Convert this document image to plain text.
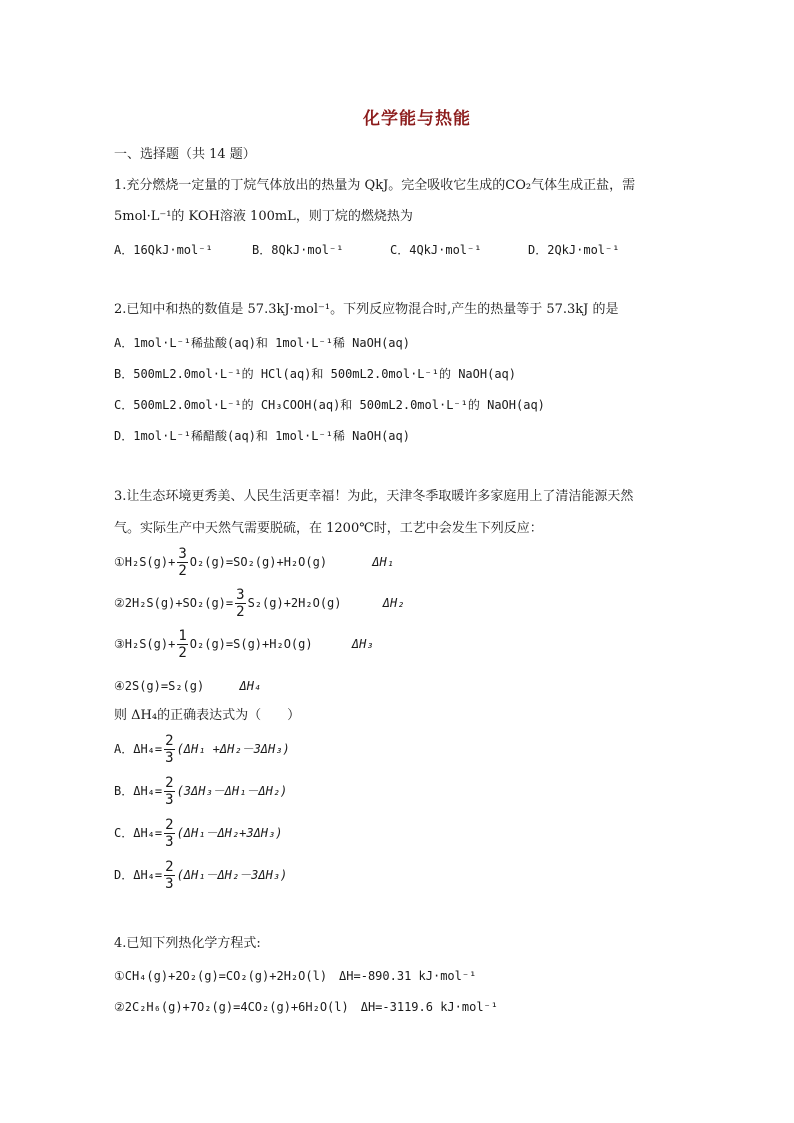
化学能与热能
一、选择题（共 14 题）
1.充分燃烧一定量的丁烷气体放出的热量为 QkJ。完全吸收它生成的CO₂气体生成正盐，需
5mol·L⁻¹的 KOH溶液 100mL，则丁烷的燃烧热为
A．16QkJ·mol⁻¹	B．8QkJ·mol⁻¹	C．4QkJ·mol⁻¹	D．2QkJ·mol⁻¹
2.已知中和热的数值是 57.3kJ·mol⁻¹。下列反应物混合时,产生的热量等于 57.3kJ 的是
A．1mol·L⁻¹稀盐酸(aq)和 1mol·L⁻¹稀 NaOH(aq)
B．500mL2.0mol·L⁻¹的 HCl(aq)和 500mL2.0mol·L⁻¹的 NaOH(aq)
C．500mL2.0mol·L⁻¹的 CH₃COOH(aq)和 500mL2.0mol·L⁻¹的 NaOH(aq)
D．1mol·L⁻¹稀醋酸(aq)和 1mol·L⁻¹稀 NaOH(aq)
3.让生态环境更秀美、人民生活更幸福！为此，天津冬季取暖许多家庭用上了清洁能源天然
气。实际生产中天然气需要脱硫，在 1200℃时，工艺中会发生下列反应：
①H₂S(g)+ $\frac{3}{2} O_2(g)=SO_2(g)+H_2O(g)$	ΔH₁
②2H₂S(g)+SO₂(g)= $\frac{3}{2} S_2(g)+2H_2O(g)$	ΔH₂
③H₂S(g)+ $\frac{1}{2} O_2(g)=S(g)+H_2O(g)$	ΔH₃
④2S(g)=S₂(g)	ΔH₄
则 ΔH₄的正确表达式为（　　）
A．$\Delta H_4= \frac{2}{3} (\Delta H_1 +\Delta H_2-3\Delta H_3)$
B．$\Delta H_4= \frac{2}{3} (3\Delta H_3-\Delta H_1-\Delta H_2)$
C．$\Delta H_4= \frac{2}{3} (\Delta H_1-\Delta H_2+3\Delta H_3)$
D．$\Delta H_4= \frac{2}{3} (\Delta H_1-\Delta H_2-3\Delta H_3)$
4.已知下列热化学方程式:
①CH₄(g)+2O₂(g)=CO₂(g)+2H₂O(l)　ΔH=-890.31 kJ·mol⁻¹
②2C₂H₆(g)+7O₂(g)=4CO₂(g)+6H₂O(l)　ΔH=-3119.6 kJ·mol⁻¹
